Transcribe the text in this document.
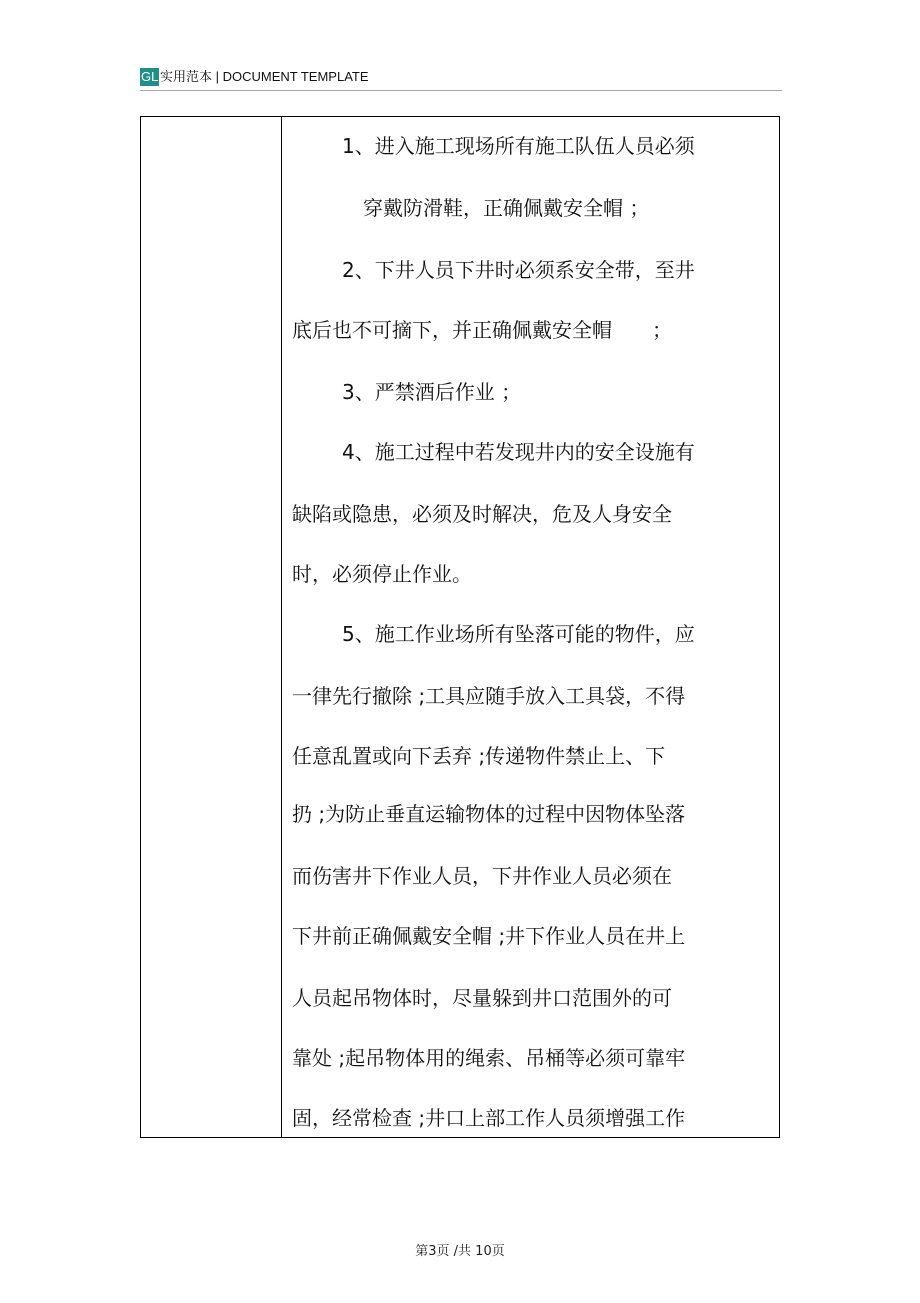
GL 实用范本 | DOCUMENT TEMPLATE
1、进入施工现场所有施工队伍人员必须
穿戴防滑鞋，正确佩戴安全帽 ；
2、下井人员下井时必须系安全带，至井
底后也不可摘下，并正确佩戴安全帽　　；
3、严禁酒后作业 ；
4、施工过程中若发现井内的安全设施有
缺陷或隐患，必须及时解决，危及人身安全
时，必须停止作业。
5、施工作业场所有坠落可能的物件，应
一律先行撤除 ;工具应随手放入工具袋，不得
任意乱置或向下丢弃 ;传递物件禁止上、下
扔 ;为防止垂直运输物体的过程中因物体坠落
而伤害井下作业人员，下井作业人员必须在
下井前正确佩戴安全帽 ;井下作业人员在井上
人员起吊物体时，尽量躲到井口范围外的可
靠处 ;起吊物体用的绳索、吊桶等必须可靠牢
固，经常检查 ;井口上部工作人员须增强工作
第3页 /共 10页
